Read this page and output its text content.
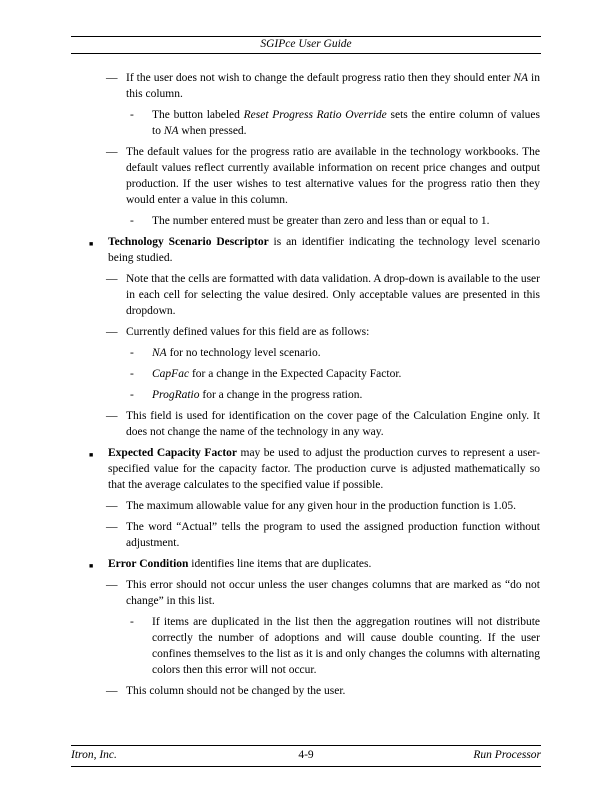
SGIPce User Guide
— If the user does not wish to change the default progress ratio then they should enter NA in this column.
- The button labeled Reset Progress Ratio Override sets the entire column of values to NA when pressed.
— The default values for the progress ratio are available in the technology workbooks. The default values reflect currently available information on recent price changes and output production. If the user wishes to test alternative values for the progress ratio then they would enter a value in this column.
- The number entered must be greater than zero and less than or equal to 1.
■ Technology Scenario Descriptor is an identifier indicating the technology level scenario being studied.
— Note that the cells are formatted with data validation. A drop-down is available to the user in each cell for selecting the value desired. Only acceptable values are presented in this dropdown.
— Currently defined values for this field are as follows:
- NA for no technology level scenario.
- CapFac for a change in the Expected Capacity Factor.
- ProgRatio for a change in the progress ration.
— This field is used for identification on the cover page of the Calculation Engine only. It does not change the name of the technology in any way.
■ Expected Capacity Factor may be used to adjust the production curves to represent a user-specified value for the capacity factor. The production curve is adjusted mathematically so that the average calculates to the specified value if possible.
— The maximum allowable value for any given hour in the production function is 1.05.
— The word “Actual” tells the program to used the assigned production function without adjustment.
■ Error Condition identifies line items that are duplicates.
— This error should not occur unless the user changes columns that are marked as “do not change” in this list.
- If items are duplicated in the list then the aggregation routines will not distribute correctly the number of adoptions and will cause double counting. If the user confines themselves to the list as it is and only changes the columns with alternating colors then this error will not occur.
— This column should not be changed by the user.
Itron, Inc.	4-9	Run Processor
